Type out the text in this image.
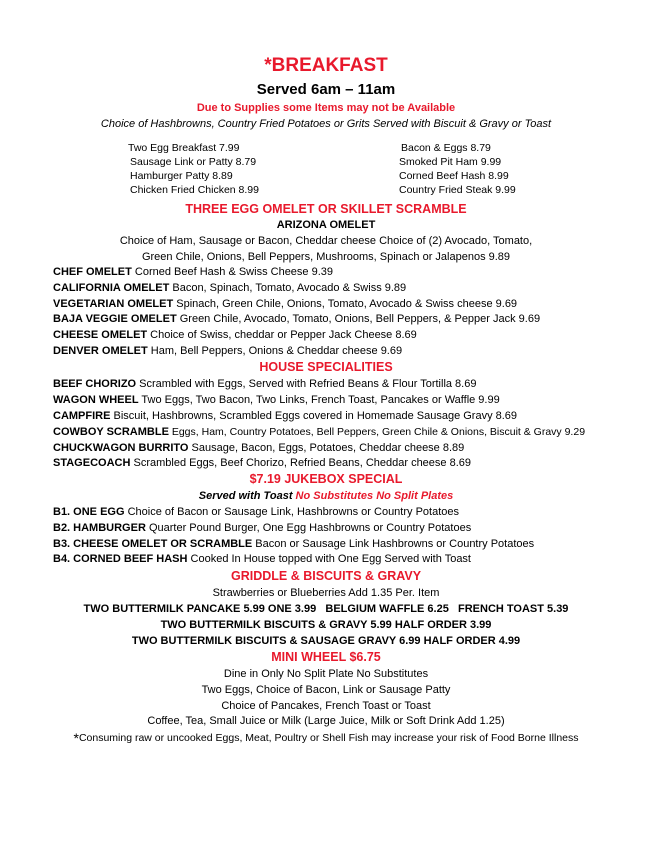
*BREAKFAST
Served 6am – 11am
Due to Supplies some Items may not be Available
Choice of Hashbrowns, Country Fried Potatoes or Grits Served with Biscuit & Gravy or Toast
Two Egg Breakfast 7.99
Sausage Link or Patty 8.79
Hamburger Patty 8.89
Chicken Fried Chicken 8.99
Bacon & Eggs 8.79
Smoked Pit Ham 9.99
Corned Beef Hash 8.99
Country Fried Steak 9.99
THREE EGG OMELET OR SKILLET SCRAMBLE
ARIZONA OMELET
Choice of Ham, Sausage or Bacon, Cheddar cheese Choice of (2) Avocado, Tomato,
Green Chile, Onions, Bell Peppers, Mushrooms, Spinach or Jalapenos 9.89
CHEF OMELET Corned Beef Hash & Swiss Cheese 9.39
CALIFORNIA OMELET Bacon, Spinach, Tomato, Avocado & Swiss 9.89
VEGETARIAN OMELET Spinach, Green Chile, Onions, Tomato, Avocado & Swiss cheese 9.69
BAJA VEGGIE OMELET Green Chile, Avocado, Tomato, Onions, Bell Peppers, & Pepper Jack 9.69
CHEESE OMELET Choice of Swiss, cheddar or Pepper Jack Cheese 8.69
DENVER OMELET Ham, Bell Peppers, Onions & Cheddar cheese 9.69
HOUSE SPECIALITIES
BEEF CHORIZO Scrambled with Eggs, Served with Refried Beans & Flour Tortilla 8.69
WAGON WHEEL Two Eggs, Two Bacon, Two Links, French Toast, Pancakes or Waffle 9.99
CAMPFIRE Biscuit, Hashbrowns, Scrambled Eggs covered in Homemade Sausage Gravy 8.69
COWBOY SCRAMBLE Eggs, Ham, Country Potatoes, Bell Peppers, Green Chile & Onions, Biscuit & Gravy 9.29
CHUCKWAGON BURRITO Sausage, Bacon, Eggs, Potatoes, Cheddar cheese 8.89
STAGECOACH Scrambled Eggs, Beef Chorizo, Refried Beans, Cheddar cheese 8.69
$7.19 JUKEBOX SPECIAL
Served with Toast No Substitutes No Split Plates
B1. ONE EGG Choice of Bacon or Sausage Link, Hashbrowns or Country Potatoes
B2. HAMBURGER Quarter Pound Burger, One Egg Hashbrowns or Country Potatoes
B3. CHEESE OMELET OR SCRAMBLE Bacon or Sausage Link Hashbrowns or Country Potatoes
B4. CORNED BEEF HASH Cooked In House topped with One Egg Served with Toast
GRIDDLE & BISCUITS & GRAVY
Strawberries or Blueberries Add 1.35 Per. Item
TWO BUTTERMILK PANCAKE 5.99 ONE 3.99   BELGIUM WAFFLE 6.25   FRENCH TOAST 5.39
TWO BUTTERMILK BISCUITS & GRAVY 5.99 HALF ORDER 3.99
TWO BUTTERMILK BISCUITS & SAUSAGE GRAVY 6.99 HALF ORDER 4.99
MINI WHEEL $6.75
Dine in Only No Split Plate No Substitutes
Two Eggs, Choice of Bacon, Link or Sausage Patty
Choice of Pancakes, French Toast or Toast
Coffee, Tea, Small Juice or Milk (Large Juice, Milk or Soft Drink Add 1.25)
*Consuming raw or uncooked Eggs, Meat, Poultry or Shell Fish may increase your risk of Food Borne Illness
